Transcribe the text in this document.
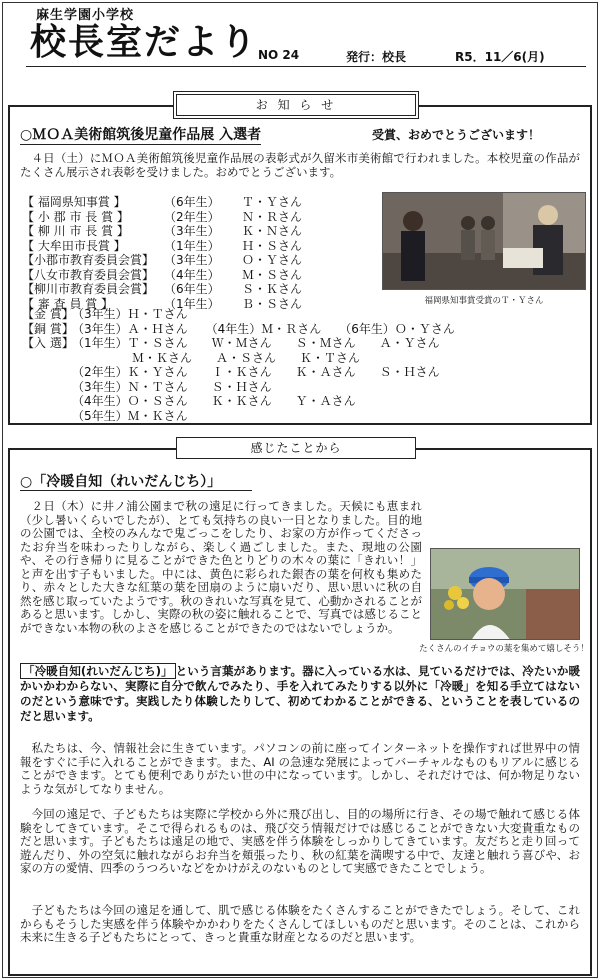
麻生学園小学校
校長室だより NO 24	発行：校長	R5．11／6(月)
お 知 ら せ
○ＭＯＡ美術館筑後児童作品展 入選者	受賞、おめでとうございます！
４日（土）にＭＯＡ美術館筑後児童作品展の表彰式が久留米市美術館で行われました。本校児童の作品がたくさん展示され表彰を受けました。おめでとうございます。
【 福岡県知事賞 】	（6年生）	Ｔ・Ｙさん
【 小 郡 市 長 賞 】	（2年生）	Ｎ・Ｒさん
【 柳 川 市 長 賞 】	（3年生）	Ｋ・Ｎさん
【 大牟田市長賞 】	（1年生）	Ｈ・Ｓさん
【小郡市教育委員会賞】 （3年生）	Ｏ・Ｙさん
【八女市教育委員会賞】 （4年生）	Ｍ・Ｓさん
【柳川市教育委員会賞】 （6年生）	Ｓ・Ｋさん
【 審 査 員 賞 】	（1年生）	Ｂ・Ｓさん	福岡県知事賞受賞のＴ・Ｙさん
【金 賞】
（3年生）Ｈ・Ｔさん
【銅 賞】
（3年生）Ａ・Ｈさん　　（4年生）Ｍ・Ｒさん　　（6年生）Ｏ・Ｙさん
【入 選】
（1年生）Ｔ・Ｓさん　　Ｗ・Ｍさん　　Ｓ・Ｍさん　　Ａ・Ｙさん
　　　　　Ｍ・Ｋさん　　Ａ・Ｓさん　　Ｋ・Ｔさん
（2年生）Ｋ・Ｙさん　　Ｉ・Ｋさん　　Ｋ・Ａさん　　Ｓ・Ｈさん
（3年生）Ｎ・Ｔさん　　Ｓ・Ｈさん
（4年生）Ｏ・Ｓさん　　Ｋ・Ｋさん　　Ｙ・Ａさん
（5年生）Ｍ・Ｋさん
感じたことから
○「冷暖自知（れいだんじち）」
２日（木）に井ノ浦公園まで秋の遠足に行ってきました。天候にも恵まれ（少し暑いくらいでしたが）、とても気持ちの良い一日となりました。目的地の公園では、全校のみんなで鬼ごっこをしたり、お家の方が作ってくださったお弁当を味わったりしながら、楽しく過ごしました。また、現地の公園や、その行き帰りに見ることができた色とりどりの木々の葉に「きれい！」と声を出す子もいました。中には、黄色に彩られた銀杏の葉を何枚も集めたり、赤々とした大きな紅葉の葉を団扇のように扇いだり、思い思いに秋の自然を感じ取っていたようです。秋のきれいな写真を見て、心動かされることがあると思います。しかし、実際の秋の姿に触れることで、写真では感じることができない本物の秋のよさを感じることができたのではないでしょうか。
たくさんのイチョウの葉を集めて嬉しそう！
「冷暖自知(れいだんじち)」 という言葉があります。器に入っている水は、見ているだけでは、冷たいか暖かいかわからない、実際に自分で飲んでみたり、手を入れてみたりする以外に「冷暖」を知る手立てはないのだという意味です。実践したり体験したりして、初めてわかることができる、ということを表しているのだと思います。
私たちは、今、情報社会に生きています。パソコンの前に座ってインターネットを操作すれば世界中の情報をすぐに手に入れることができます。また、AI の急速な発展によってバーチャルなものもリアルに感じることができます。とても便利でありがたい世の中になっています。しかし、それだけでは、何か物足りないような気がしてなりません。
今回の遠足で、子どもたちは実際に学校から外に飛び出し、目的の場所に行き、その場で触れて感じる体験をしてきています。そこで得られるものは、飛び交う情報だけでは感じることができない大変貴重なものだと思います。子どもたちは遠足の地で、実感を伴う体験をしっかりしてきています。友だちと走り回って遊んだり、外の空気に触れながらお弁当を頬張ったり、秋の紅葉を満喫する中で、友達と触れう喜びや、お家の方の愛情、四季のうつろいなどをかけがえのないものとして実感できたことでしょう。
子どもたちは今回の遠足を通して、肌で感じる体験をたくさんすることができたでしょう。そして、これからもそうした実感を伴う体験やかかわりをたくさんしてほしいものだと思います。そのことは、これから未来に生きる子どもたちにとって、きっと貴重な財産となるのだと思います。
